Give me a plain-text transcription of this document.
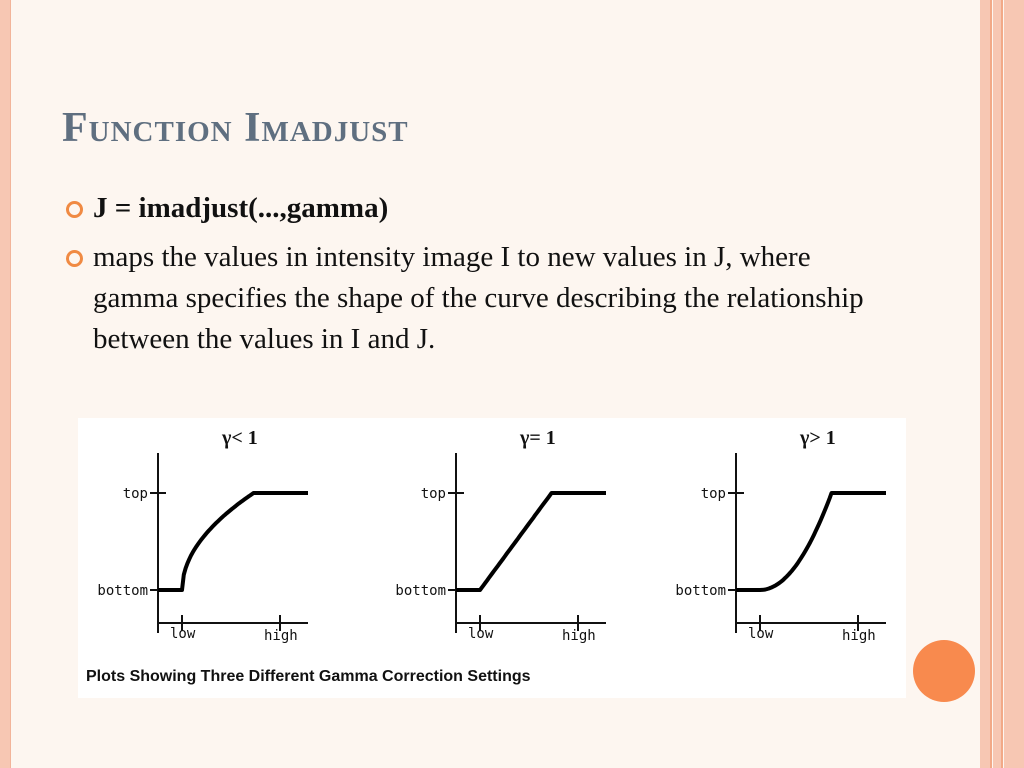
Function Imadjust
J = imadjust(...,gamma)
maps the values in intensity image I to new values in J, where gamma specifies the shape of the curve describing the relationship between the values in I and J.
γ< 1
top
bottom
low	high
γ= 1
top
bottom
low	high
γ> 1
top
bottom
low	high
Plots Showing Three Different Gamma Correction Settings
